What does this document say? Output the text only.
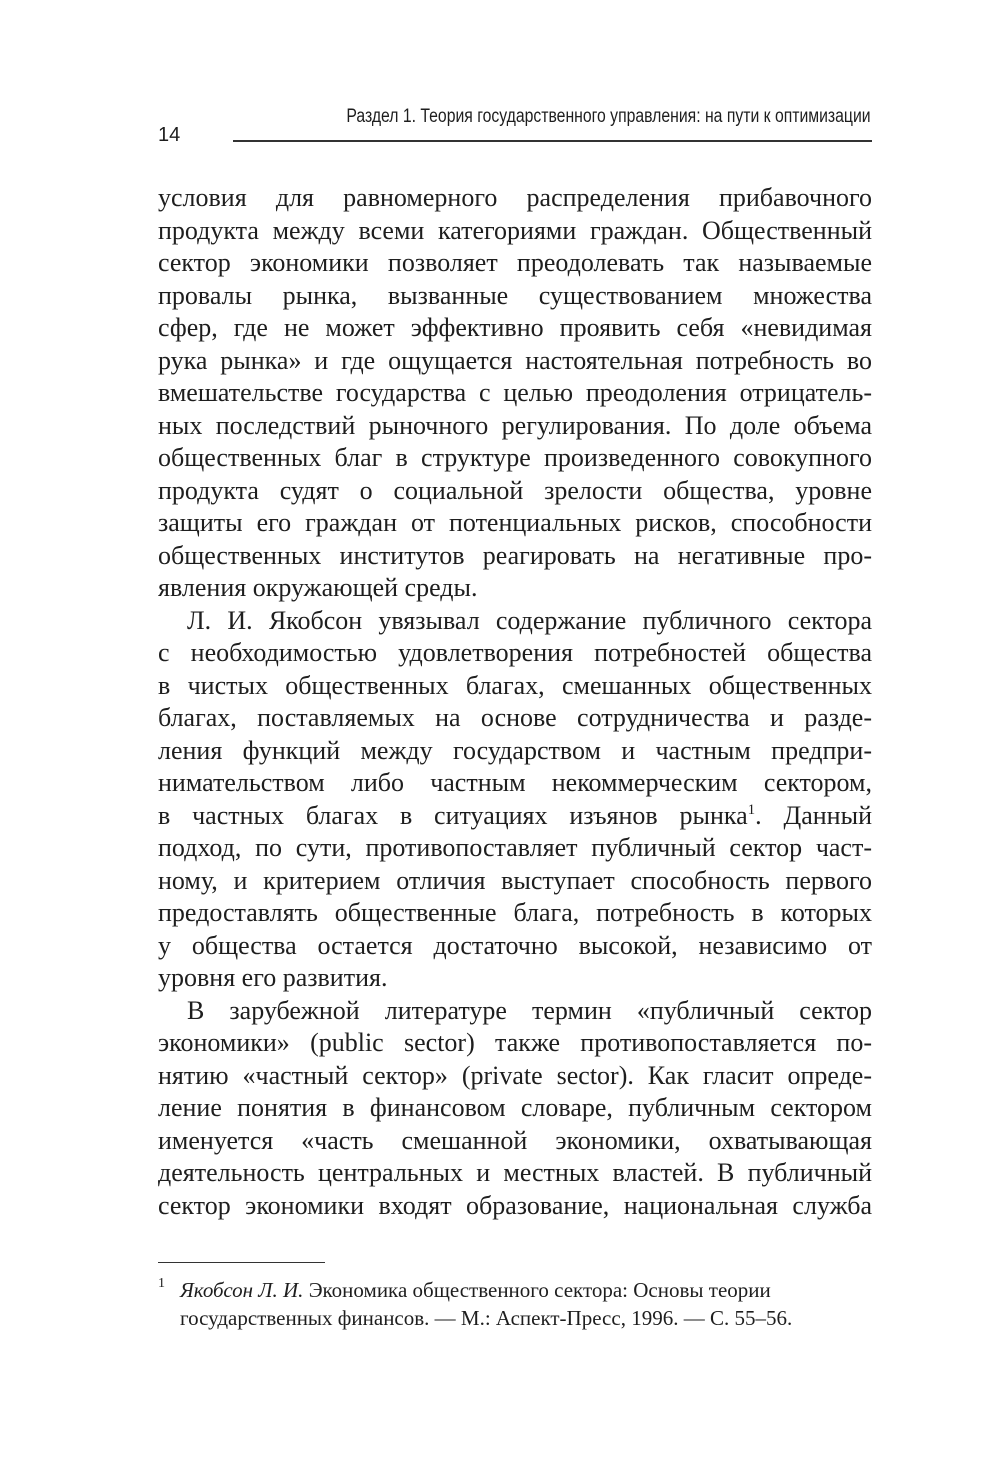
14
Раздел 1. Теория государственного управления: на пути к оптимизации
условия для равномерного распределения прибавочного
продукта между всеми категориями граждан. Общественный
сектор экономики позволяет преодолевать так называемые
провалы рынка, вызванные существованием множества
сфер, где не может эффективно проявить себя «невидимая
рука рынка» и где ощущается настоятельная потребность во
вмешательстве государства с целью преодоления отрицатель-
ных последствий рыночного регулирования. По доле объема
общественных благ в структуре произведенного совокупного
продукта судят о социальной зрелости общества, уровне
защиты его граждан от потенциальных рисков, способности
общественных институтов реагировать на негативные про-
явления окружающей среды.
Л. И. Якобсон увязывал содержание публичного сектора
с необходимостью удовлетворения потребностей общества
в чистых общественных благах, смешанных общественных
благах, поставляемых на основе сотрудничества и разде-
ления функций между государством и частным предпри-
нимательством либо частным некоммерческим сектором,
в частных благах в ситуациях изъянов рынка$^1$. Данный
подход, по сути, противопоставляет публичный сектор част-
ному, и критерием отличия выступает способность первого
предоставлять общественные блага, потребность в которых
у общества остается достаточно высокой, независимо от
уровня его развития.
В зарубежной литературе термин «публичный сектор
экономики» (public sector) также противопоставляется по-
нятию «частный сектор» (private sector). Как гласит опреде-
ление понятия в финансовом словаре, публичным сектором
именуется «часть смешанной экономики, охватывающая
деятельность центральных и местных властей. В публичный
сектор экономики входят образование, национальная служба
1 Якобсон Л. И. Экономика общественного сектора: Основы теории
государственных финансов. — М.: Аспект-Пресс, 1996. — С. 55–56.
